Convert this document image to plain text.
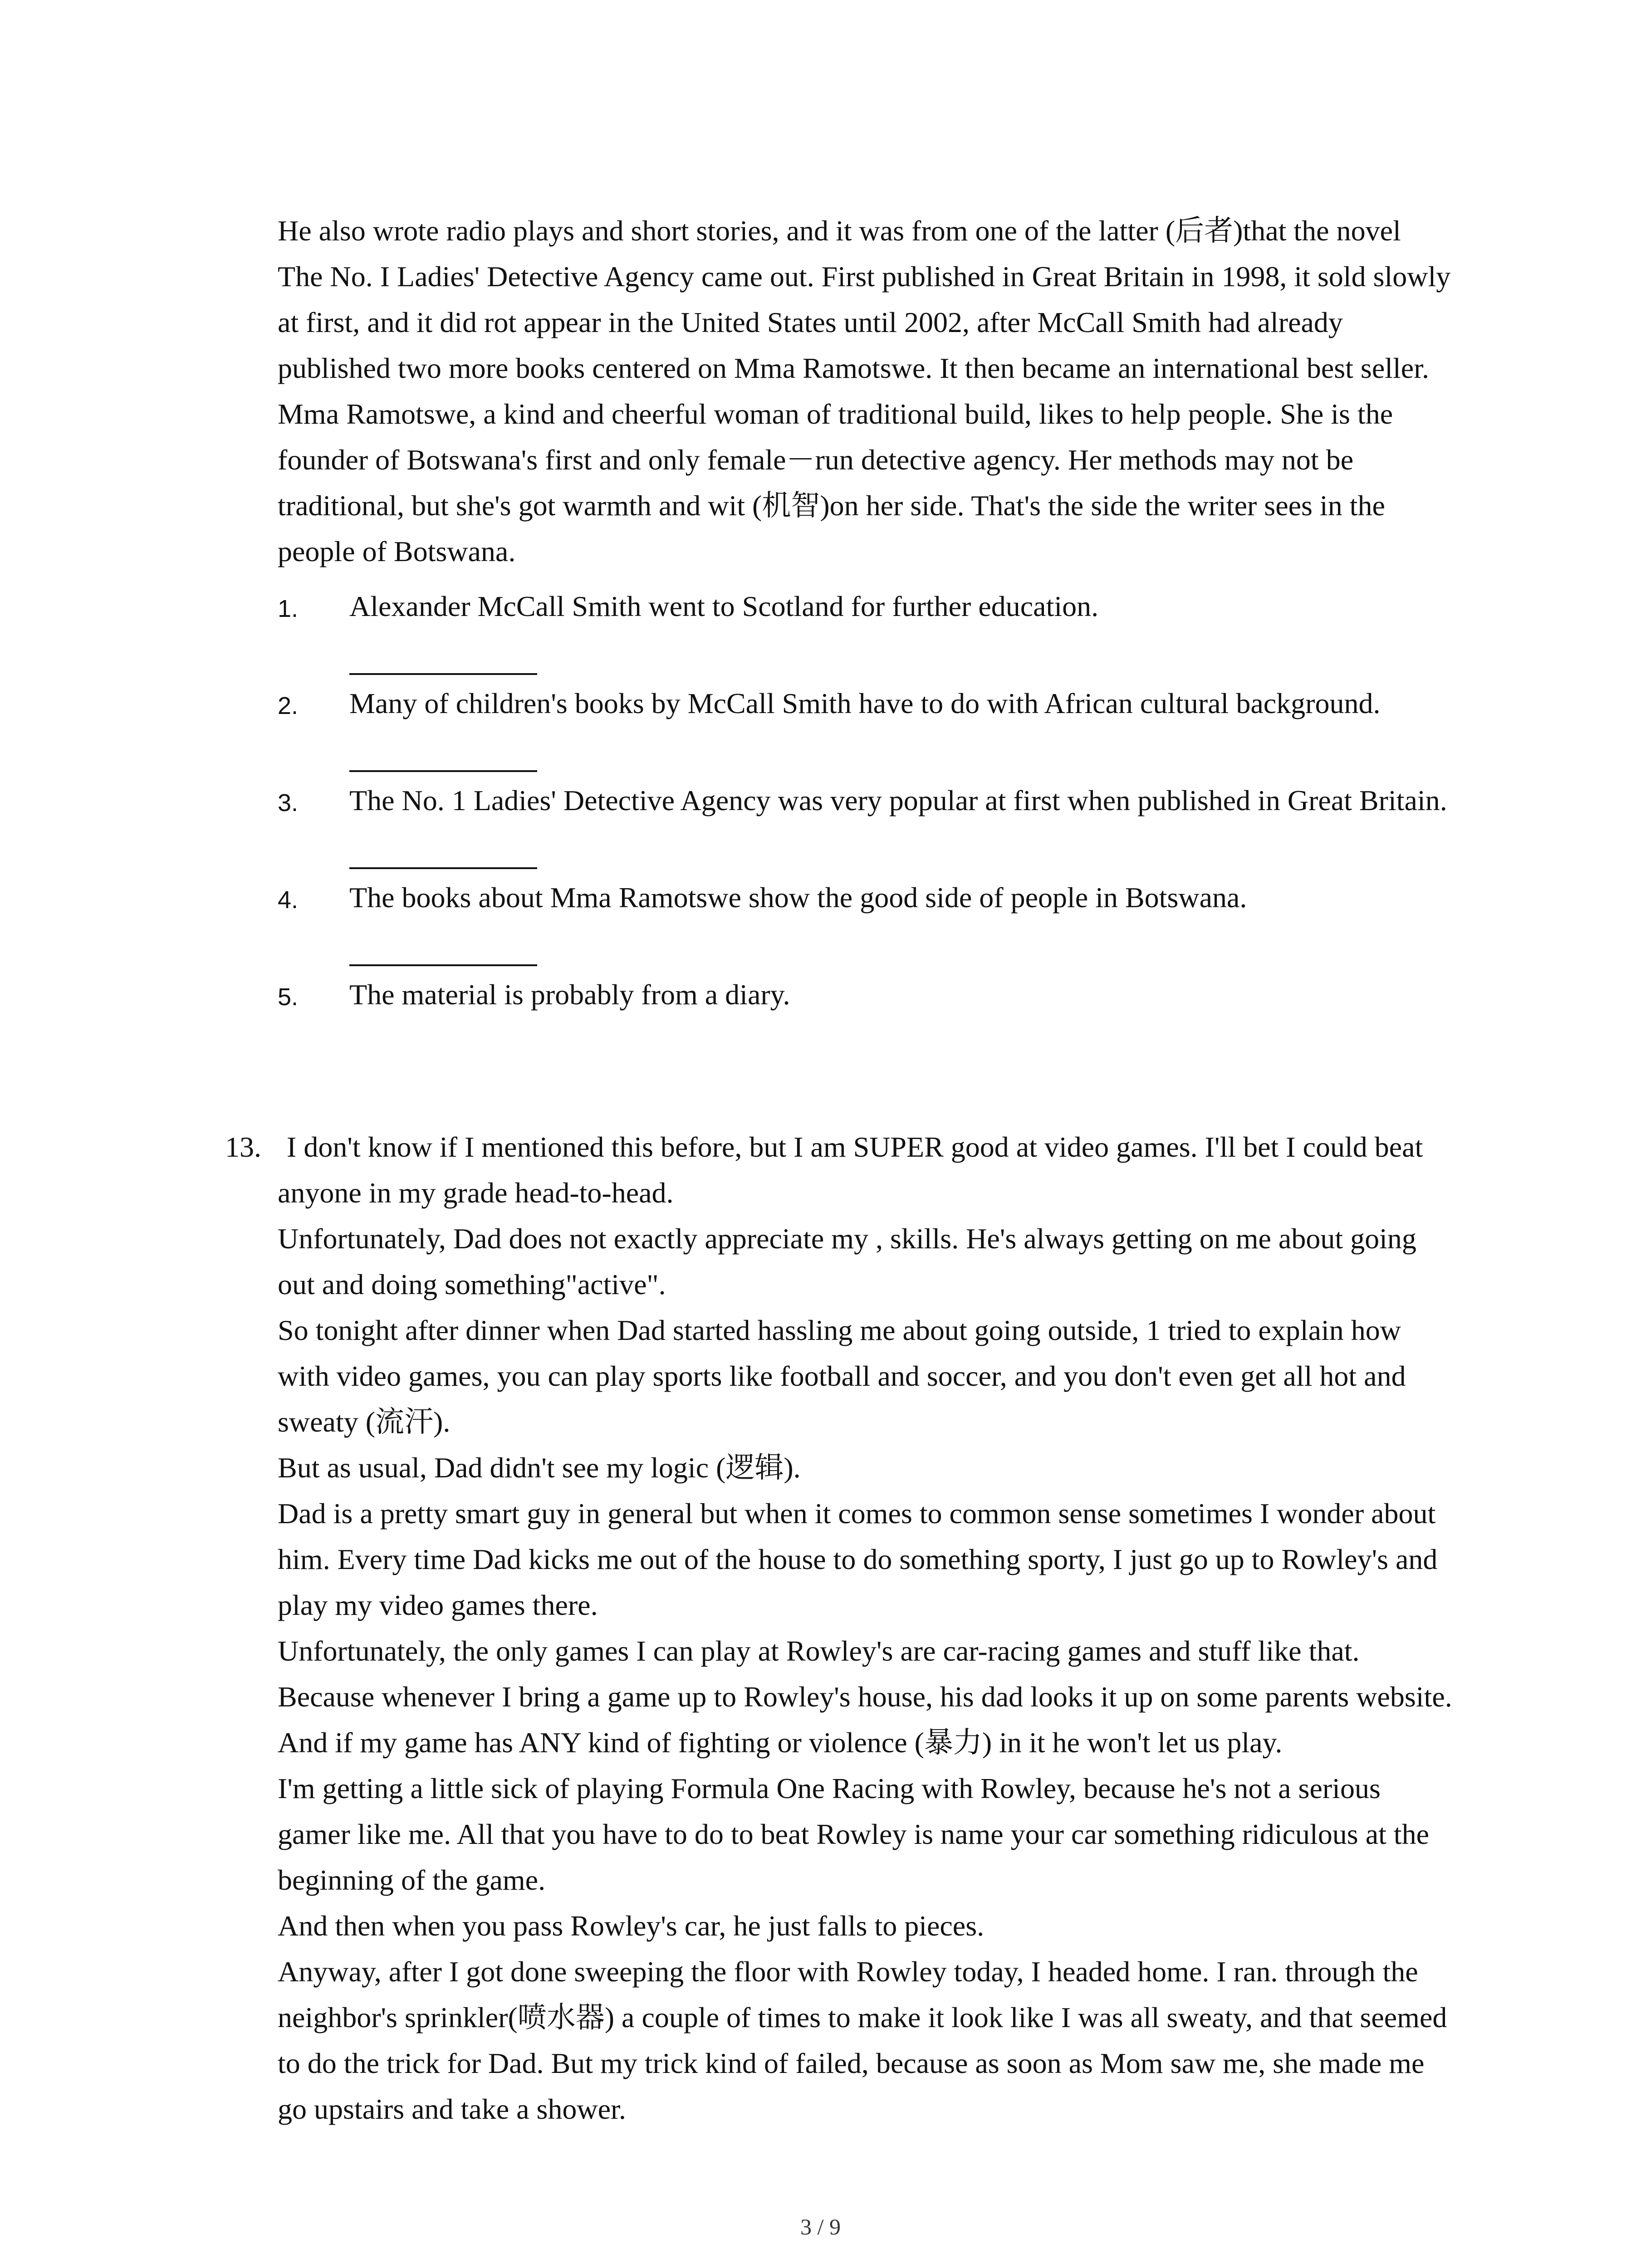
He also wrote radio plays and short stories, and it was from one of the latter (后者)that the novel The No. I Ladies' Detective Agency came out. First published in Great Britain in 1998, it sold slowly at first, and it did rot appear in the United States until 2002, after McCall Smith had already published two more books centered on Mma Ramotswe. It then became an international best seller. Mma Ramotswe, a kind and cheerful woman of traditional build, likes to help people. She is the founder of Botswana's first and only female－run detective agency. Her methods may not be traditional, but she's got warmth and wit (机智)on her side. That's the side the writer sees in the people of Botswana.

1. Alexander McCall Smith went to Scotland for further education.
2. Many of children's books by McCall Smith have to do with African cultural background.
3. The No. 1 Ladies' Detective Agency was very popular at first when published in Great Britain.
4. The books about Mma Ramotswe show the good side of people in Botswana.
5. The material is probably from a diary.
13. I don't know if I mentioned this before, but I am SUPER good at video games. I'll bet I could beat anyone in my grade head-to-head.

Unfortunately, Dad does not exactly appreciate my , skills. He's always getting on me about going out and doing something"active".

So tonight after dinner when Dad started hassling me about going outside, 1 tried to explain how with video games, you can play sports like football and soccer, and you don't even get all hot and sweaty (流汗).

But as usual, Dad didn't see my logic (逻辑).

Dad is a pretty smart guy in general but when it comes to common sense sometimes I wonder about him. Every time Dad kicks me out of the house to do something sporty, I just go up to Rowley's and play my video games there.

Unfortunately, the only games I can play at Rowley's are car-racing games and stuff like that. Because whenever I bring a game up to Rowley's house, his dad looks it up on some parents website. And if my game has ANY kind of fighting or violence (暴力) in it he won't let us play.

I'm getting a little sick of playing Formula One Racing with Rowley, because he's not a serious gamer like me. All that you have to do to beat Rowley is name your car something ridiculous at the beginning of the game.

And then when you pass Rowley's car, he just falls to pieces.

Anyway, after I got done sweeping the floor with Rowley today, I headed home. I ran. through the neighbor's sprinkler(喷水器) a couple of times to make it look like I was all sweaty, and that seemed to do the trick for Dad. But my trick kind of failed, because as soon as Mom saw me, she made me go upstairs and take a shower.

3 / 9
